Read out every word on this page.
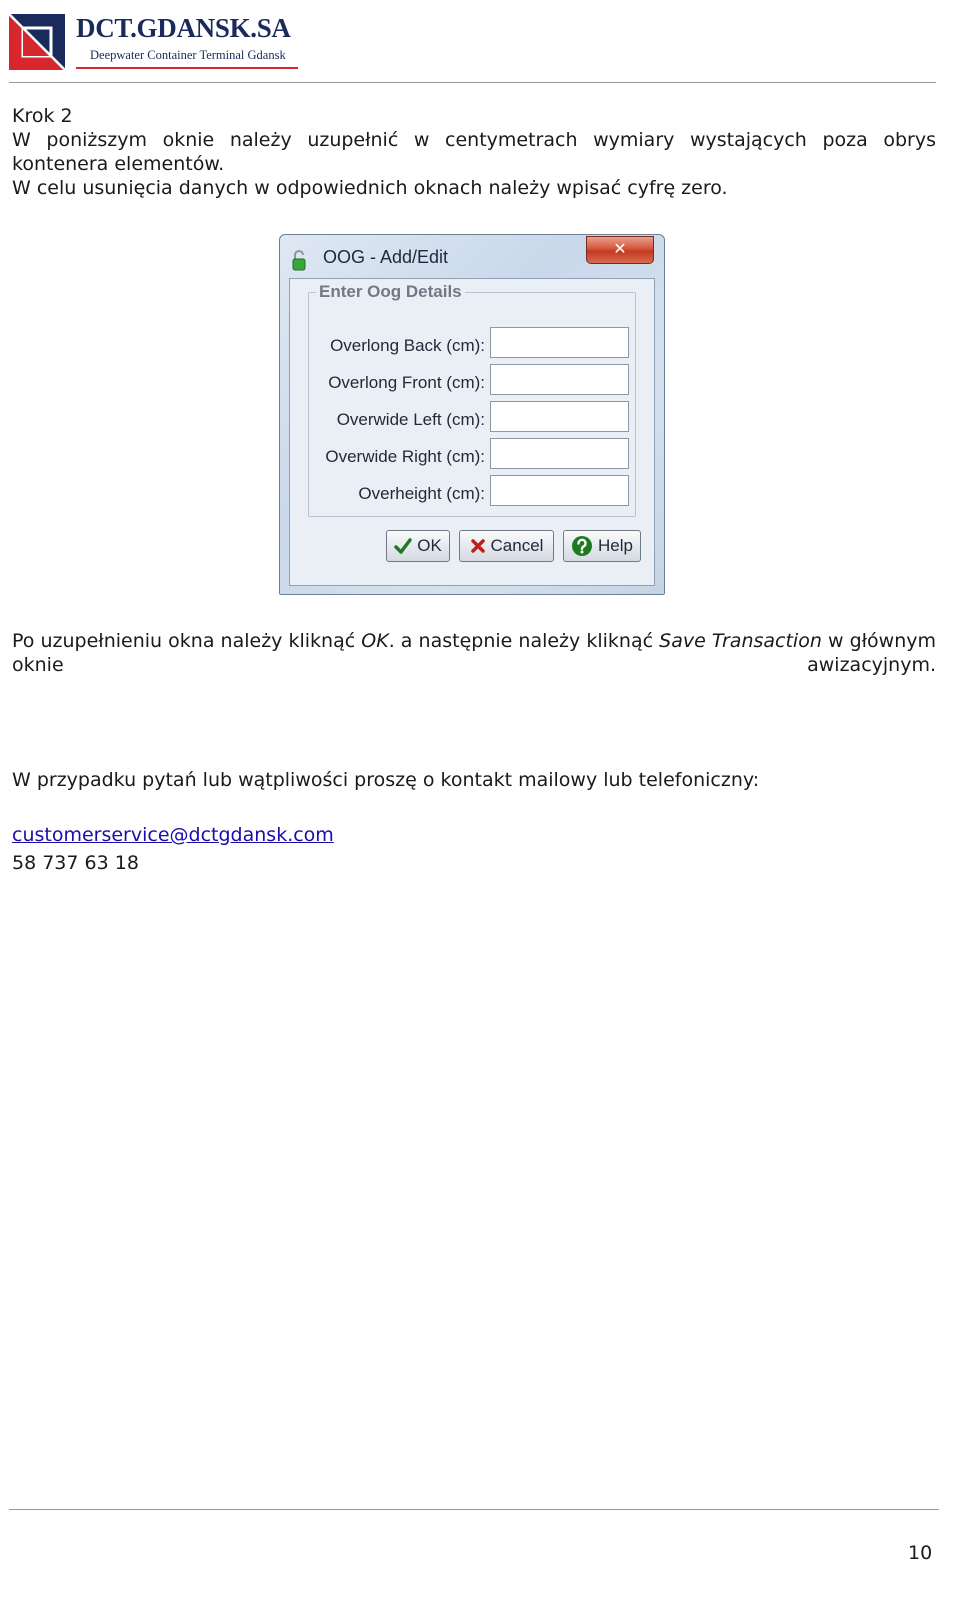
DCT.GDANSK.SA
Deepwater Container Terminal Gdansk
Krok 2
W poniższym oknie należy uzupełnić w centymetrach wymiary wystających poza obrys
kontenera elementów.
W celu usunięcia danych w odpowiednich oknach należy wpisać cyfrę zero.
OOG - Add/Edit	✕
Enter Oog Details
Overlong Back (cm):
Overlong Front (cm):
Overwide Left (cm):
Overwide Right (cm):
Overheight (cm):
OK	Cancel	Help
Po uzupełnieniu okna należy kliknąć OK. a następnie należy kliknąć Save Transaction w głównym oknie awizacyjnym.
W przypadku pytań lub wątpliwości proszę o kontakt mailowy lub telefoniczny:
customerservice@dctgdansk.com
58 737 63 18
10
